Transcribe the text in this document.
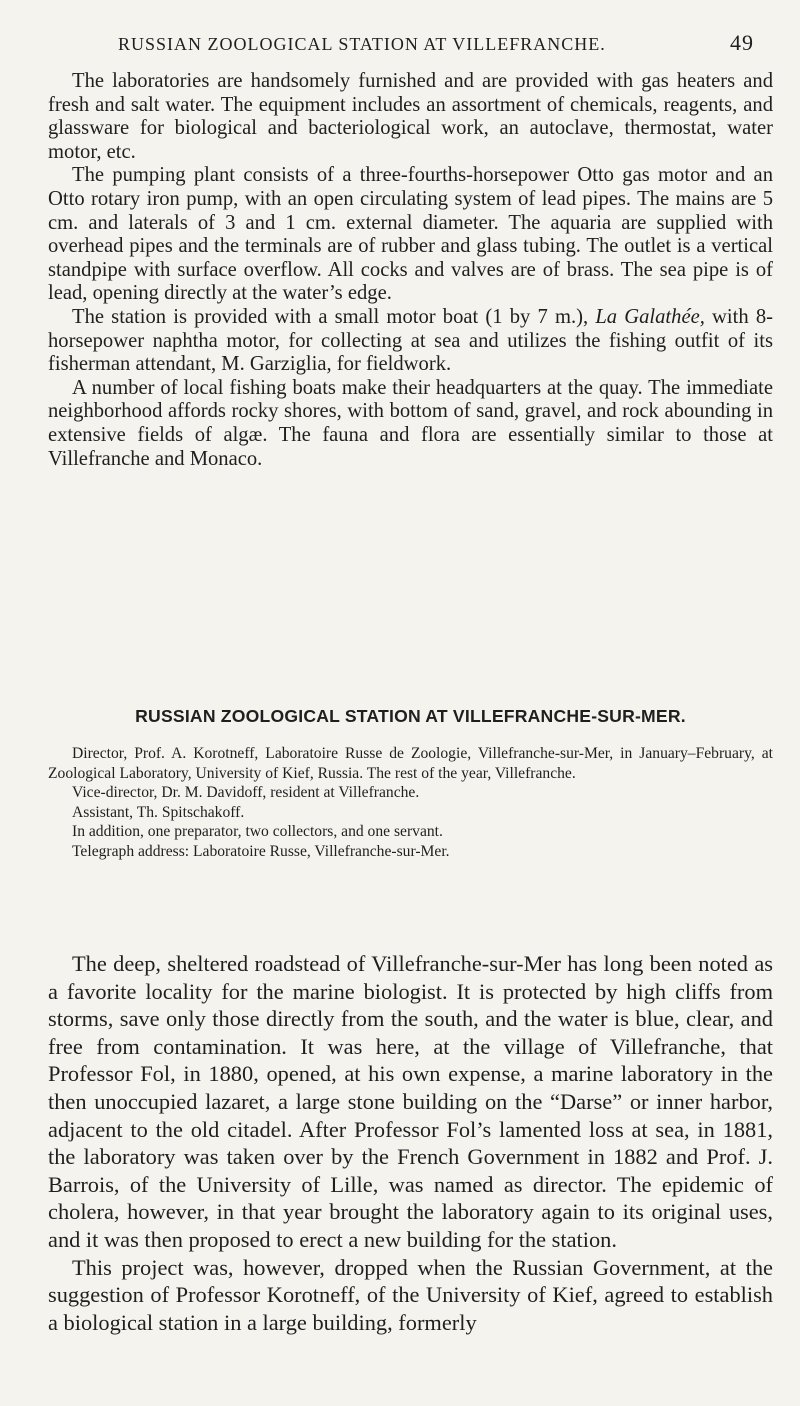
RUSSIAN ZOOLOGICAL STATION AT VILLEFRANCHE.	49

The laboratories are handsomely furnished and are provided with gas heaters and fresh and salt water. The equipment includes an assortment of chemicals, reagents, and glassware for biological and bacteriological work, an autoclave, thermostat, water motor, etc.

The pumping plant consists of a three-fourths-horsepower Otto gas motor and an Otto rotary iron pump, with an open circulating system of lead pipes. The mains are 5 cm. and laterals of 3 and 1 cm. external diameter. The aquaria are supplied with overhead pipes and the terminals are of rubber and glass tubing. The outlet is a vertical standpipe with surface overflow. All cocks and valves are of brass. The sea pipe is of lead, opening directly at the water’s edge.

The station is provided with a small motor boat (1 by 7 m.), La Galathée, with 8-horsepower naphtha motor, for collecting at sea and utilizes the fishing outfit of its fisherman attendant, M. Garziglia, for fieldwork.

A number of local fishing boats make their headquarters at the quay. The immediate neighborhood affords rocky shores, with bottom of sand, gravel, and rock abounding in extensive fields of algæ. The fauna and flora are essentially similar to those at Villefranche and Monaco.

RUSSIAN ZOOLOGICAL STATION AT VILLEFRANCHE-SUR-MER.

Director, Prof. A. Korotneff, Laboratoire Russe de Zoologie, Villefranche-sur-Mer, in January–February, at Zoological Laboratory, University of Kief, Russia. The rest of the year, Villefranche.

Vice-director, Dr. M. Davidoff, resident at Villefranche.

Assistant, Th. Spitschakoff.

In addition, one preparator, two collectors, and one servant.

Telegraph address: Laboratoire Russe, Villefranche-sur-Mer.

The deep, sheltered roadstead of Villefranche-sur-Mer has long been noted as a favorite locality for the marine biologist. It is protected by high cliffs from storms, save only those directly from the south, and the water is blue, clear, and free from contamination. It was here, at the village of Villefranche, that Professor Fol, in 1880, opened, at his own expense, a marine laboratory in the then unoccupied lazaret, a large stone building on the “Darse” or inner harbor, adjacent to the old citadel. After Professor Fol’s lamented loss at sea, in 1881, the laboratory was taken over by the French Government in 1882 and Prof. J. Barrois, of the University of Lille, was named as director. The epidemic of cholera, however, in that year brought the laboratory again to its original uses, and it was then proposed to erect a new building for the station.

This project was, however, dropped when the Russian Government, at the suggestion of Professor Korotneff, of the University of Kief, agreed to establish a biological station in a large building, formerly
